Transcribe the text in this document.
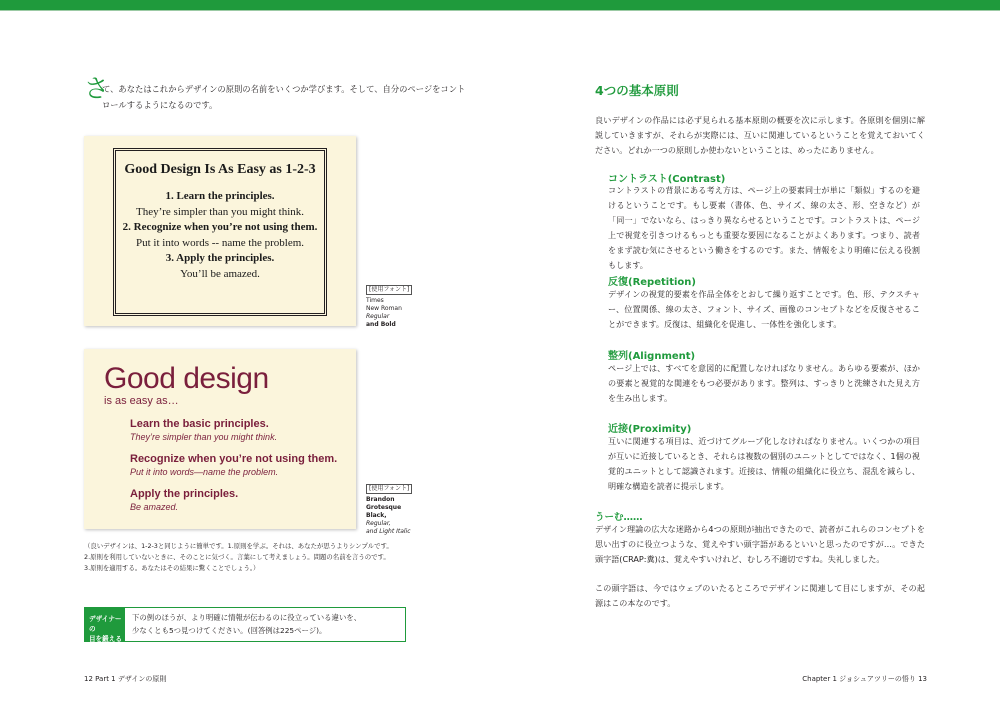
さ
て、あなたはこれからデザインの原則の名前をいくつか学びます。そして、自分のページをコントロールするようになるのです。
Good Design Is As Easy as 1-2-3
1. Learn the principles.
They’re simpler than you might think.
2. Recognize when you’re not using them.
Put it into words -- name the problem.
3. Apply the principles.
You’ll be amazed.
[使用フォント]
Times
New Roman
Regular
and Bold
Good design
is as easy as…
Learn the basic principles.
They’re simpler than you might think.
Recognize when you’re not using them.
Put it into words—name the problem.
Apply the principles.
Be amazed.
[使用フォント]
Brandon
Grotesque
Black,
Regular,
and Light Italic
（良いデザインは、1-2-3と同じように簡単です。1.原則を学ぶ。それは、あなたが思うよりシンプルです。
2.原則を利用していないときに、そのことに気づく。言葉にして考えましょう。問題の名前を言うのです。
3.原則を適用する。あなたはその結果に驚くことでしょう。）
デザイナーの
目を鍛える
下の例のほうが、より明確に情報が伝わるのに役立っている違いを、
少なくとも5つ見つけてください。(回答例は225ページ)。
12 Part 1 デザインの原則
4つの基本原則
良いデザインの作品には必ず見られる基本原則の概要を次に示します。各原則を個別に解説していきますが、それらが実際には、互いに関連しているということを覚えておいてください。どれか一つの原則しか使わないということは、めったにありません。
コントラスト(Contrast)
コントラストの背景にある考え方は、ページ上の要素同士が単に「類似」するのを避けるということです。もし要素（書体、色、サイズ、線の太さ、形、空きなど）が「同一」でないなら、はっきり異ならせるということです。コントラストは、ページ上で視覚を引きつけるもっとも重要な要因になることがよくあります。つまり、読者をまず読む気にさせるという働きをするのです。また、情報をより明確に伝える役割もします。
反復(Repetition)
デザインの視覚的要素を作品全体をとおして繰り返すことです。色、形、テクスチャー、位置関係、線の太さ、フォント、サイズ、画像のコンセプトなどを反復させることができます。反復は、組織化を促進し、一体性を強化します。
整列(Alignment)
ページ上では、すべてを意図的に配置しなければなりません。あらゆる要素が、ほかの要素と視覚的な関連をもつ必要があります。整列は、すっきりと洗練された見え方を生み出します。
近接(Proximity)
互いに関連する項目は、近づけてグループ化しなければなりません。いくつかの項目が互いに近接しているとき、それらは複数の個別のユニットとしてではなく、1個の視覚的ユニットとして認識されます。近接は、情報の組織化に役立ち、混乱を減らし、明確な構造を読者に提示します。
うーむ……
デザイン理論の広大な迷路から4つの原則が抽出できたので、読者がこれらのコンセプトを思い出すのに役立つような、覚えやすい頭字語があるといいと思ったのですが…。できた頭字語(CRAP:糞)は、覚えやすいけれど、むしろ不適切ですね。失礼しました。
この頭字語は、今ではウェブのいたるところでデザインに関連して目にしますが、その起源はこの本なのです。
Chapter 1 ジョシュアツリーの悟り 13
